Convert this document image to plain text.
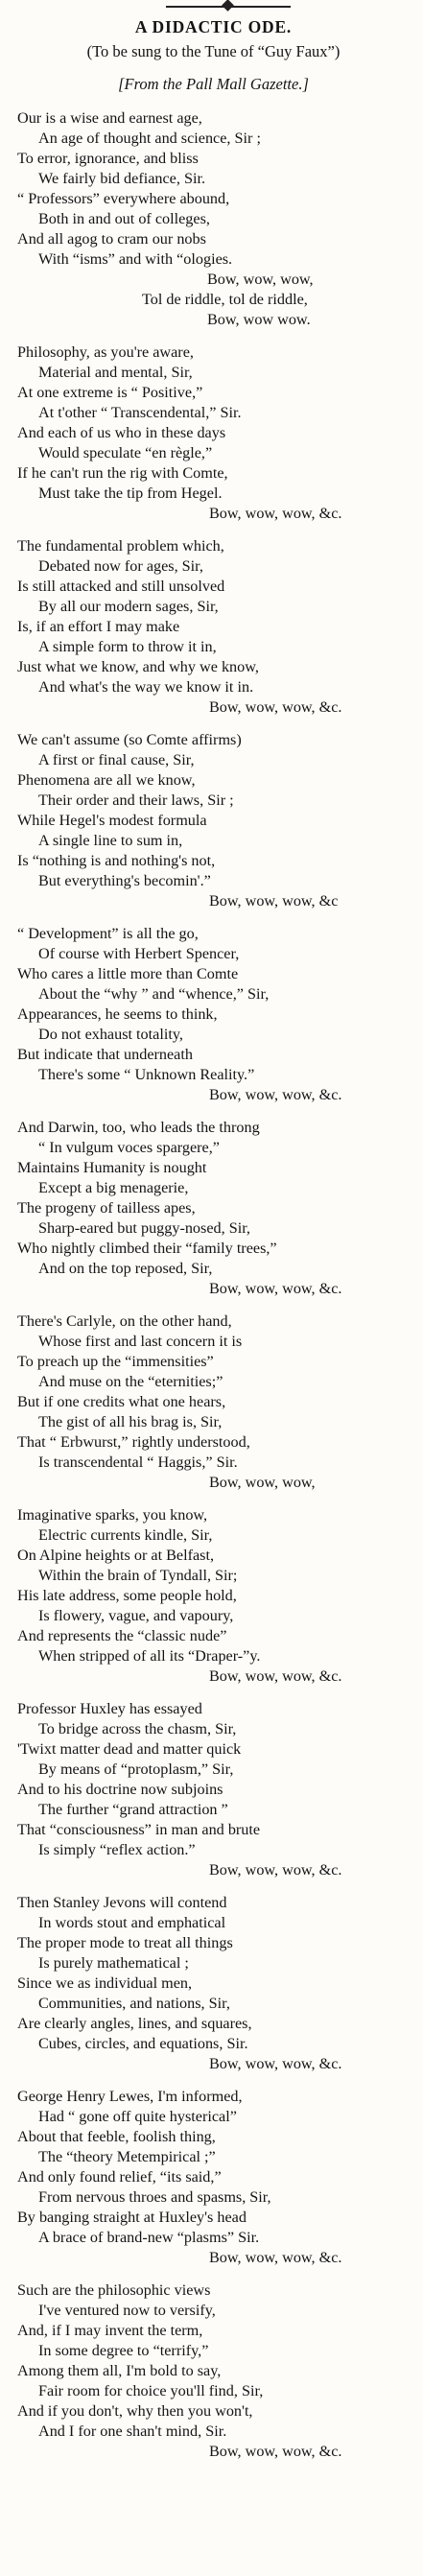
A DIDACTIC ODE.
(To be sung to the Tune of “Guy Faux”)
[From the Pall Mall Gazette.]
Our is a wise and earnest age,
An age of thought and science, Sir ;
To error, ignorance, and bliss
We fairly bid defiance, Sir.
“ Professors” everywhere abound,
Both in and out of colleges,
And all agog to cram our nobs
With “isms” and with “ologies.
Bow, wow, wow,
Tol de riddle, tol de riddle,
Bow, wow wow.
Philosophy, as you're aware,
Material and mental, Sir,
At one extreme is “ Positive,”
At t'other “ Transcendental,” Sir.
And each of us who in these days
Would speculate “en règle,”
If he can't run the rig with Comte,
Must take the tip from Hegel.
Bow, wow, wow, &c.
The fundamental problem which,
Debated now for ages, Sir,
Is still attacked and still unsolved
By all our modern sages, Sir,
Is, if an effort I may make
A simple form to throw it in,
Just what we know, and why we know,
And what's the way we know it in.
Bow, wow, wow, &c.
We can't assume (so Comte affirms)
A first or final cause, Sir,
Phenomena are all we know,
Their order and their laws, Sir ;
While Hegel's modest formula
A single line to sum in,
Is “nothing is and nothing's not,
But everything's becomin'.”
Bow, wow, wow, &c
“ Development” is all the go,
Of course with Herbert Spencer,
Who cares a little more than Comte
About the “why ” and “whence,” Sir,
Appearances, he seems to think,
Do not exhaust totality,
But indicate that underneath
There's some “ Unknown Reality.”
Bow, wow, wow, &c.
And Darwin, too, who leads the throng
“ In vulgum voces spargere,”
Maintains Humanity is nought
Except a big menagerie,
The progeny of tailless apes,
Sharp-eared but puggy-nosed, Sir,
Who nightly climbed their “family trees,”
And on the top reposed, Sir,
Bow, wow, wow, &c.
There's Carlyle, on the other hand,
Whose first and last concern it is
To preach up the “immensities”
And muse on the “eternities;”
But if one credits what one hears,
The gist of all his brag is, Sir,
That “ Erbwurst,” rightly understood,
Is transcendental “ Haggis,” Sir.
Bow, wow, wow,
Imaginative sparks, you know,
Electric currents kindle, Sir,
On Alpine heights or at Belfast,
Within the brain of Tyndall, Sir;
His late address, some people hold,
Is flowery, vague, and vapoury,
And represents the “classic nude”
When stripped of all its “Draper-”y.
Bow, wow, wow, &c.
Professor Huxley has essayed
To bridge across the chasm, Sir,
'Twixt matter dead and matter quick
By means of “protoplasm,” Sir,
And to his doctrine now subjoins
The further “grand attraction ”
That “consciousness” in man and brute
Is simply “reflex action.”
Bow, wow, wow, &c.
Then Stanley Jevons will contend
In words stout and emphatical
The proper mode to treat all things
Is purely mathematical ;
Since we as individual men,
Communities, and nations, Sir,
Are clearly angles, lines, and squares,
Cubes, circles, and equations, Sir.
Bow, wow, wow, &c.
George Henry Lewes, I'm informed,
Had “ gone off quite hysterical”
About that feeble, foolish thing,
The “theory Metempirical ;”
And only found relief, “its said,”
From nervous throes and spasms, Sir,
By banging straight at Huxley's head
A brace of brand-new “plasms” Sir.
Bow, wow, wow, &c.
Such are the philosophic views
I've ventured now to versify,
And, if I may invent the term,
In some degree to “terrify,”
Among them all, I'm bold to say,
Fair room for choice you'll find, Sir,
And if you don't, why then you won't,
And I for one shan't mind, Sir.
Bow, wow, wow, &c.
